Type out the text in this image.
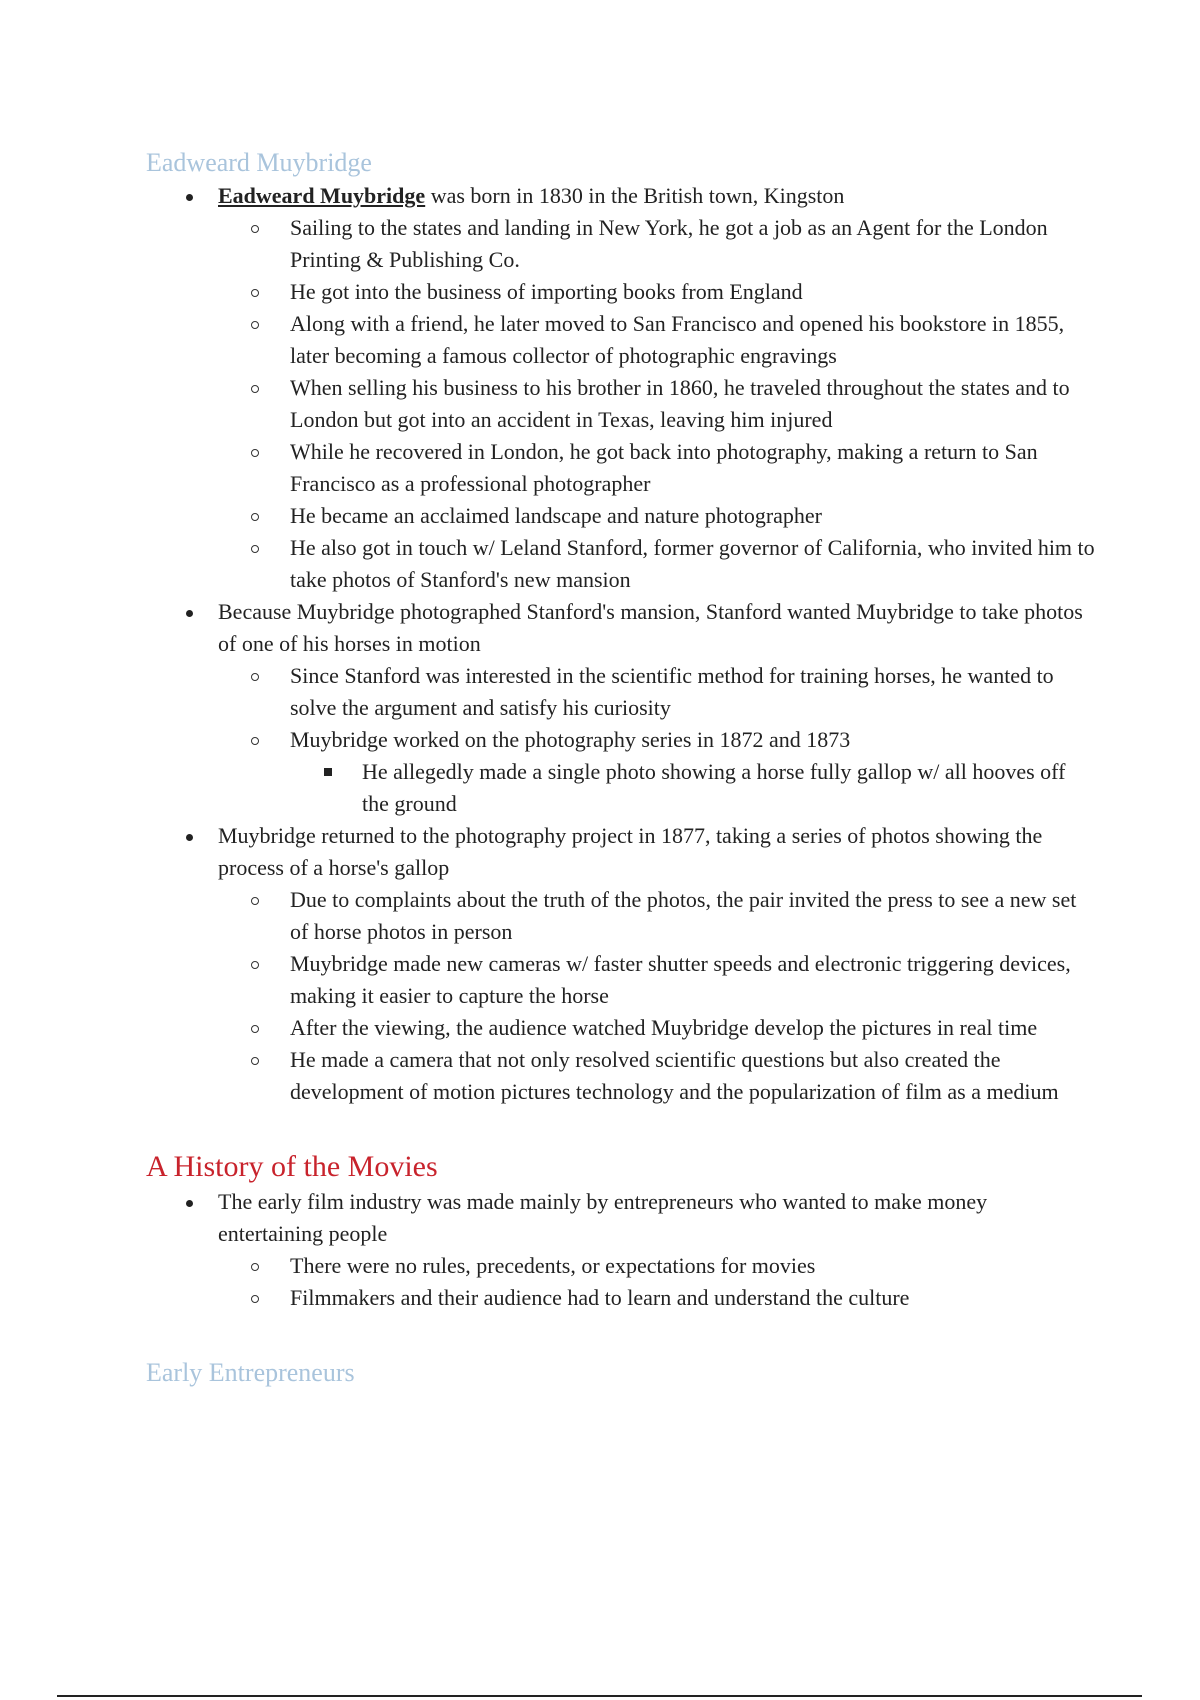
Eadweard Muybridge
Eadweard Muybridge was born in 1830 in the British town, Kingston
Sailing to the states and landing in New York, he got a job as an Agent for the London Printing & Publishing Co.
He got into the business of importing books from England
Along with a friend, he later moved to San Francisco and opened his bookstore in 1855, later becoming a famous collector of photographic engravings
When selling his business to his brother in 1860, he traveled throughout the states and to London but got into an accident in Texas, leaving him injured
While he recovered in London, he got back into photography, making a return to San Francisco as a professional photographer
He became an acclaimed landscape and nature photographer
He also got in touch w/ Leland Stanford, former governor of California, who invited him to take photos of Stanford's new mansion
Because Muybridge photographed Stanford's mansion, Stanford wanted Muybridge to take photos of one of his horses in motion
Since Stanford was interested in the scientific method for training horses, he wanted to solve the argument and satisfy his curiosity
Muybridge worked on the photography series in 1872 and 1873
He allegedly made a single photo showing a horse fully gallop w/ all hooves off the ground
Muybridge returned to the photography project in 1877, taking a series of photos showing the process of a horse's gallop
Due to complaints about the truth of the photos, the pair invited the press to see a new set of horse photos in person
Muybridge made new cameras w/ faster shutter speeds and electronic triggering devices, making it easier to capture the horse
After the viewing, the audience watched Muybridge develop the pictures in real time
He made a camera that not only resolved scientific questions but also created the development of motion pictures technology and the popularization of film as a medium
A History of the Movies
The early film industry was made mainly by entrepreneurs who wanted to make money entertaining people
There were no rules, precedents, or expectations for movies
Filmmakers and their audience had to learn and understand the culture
Early Entrepreneurs
